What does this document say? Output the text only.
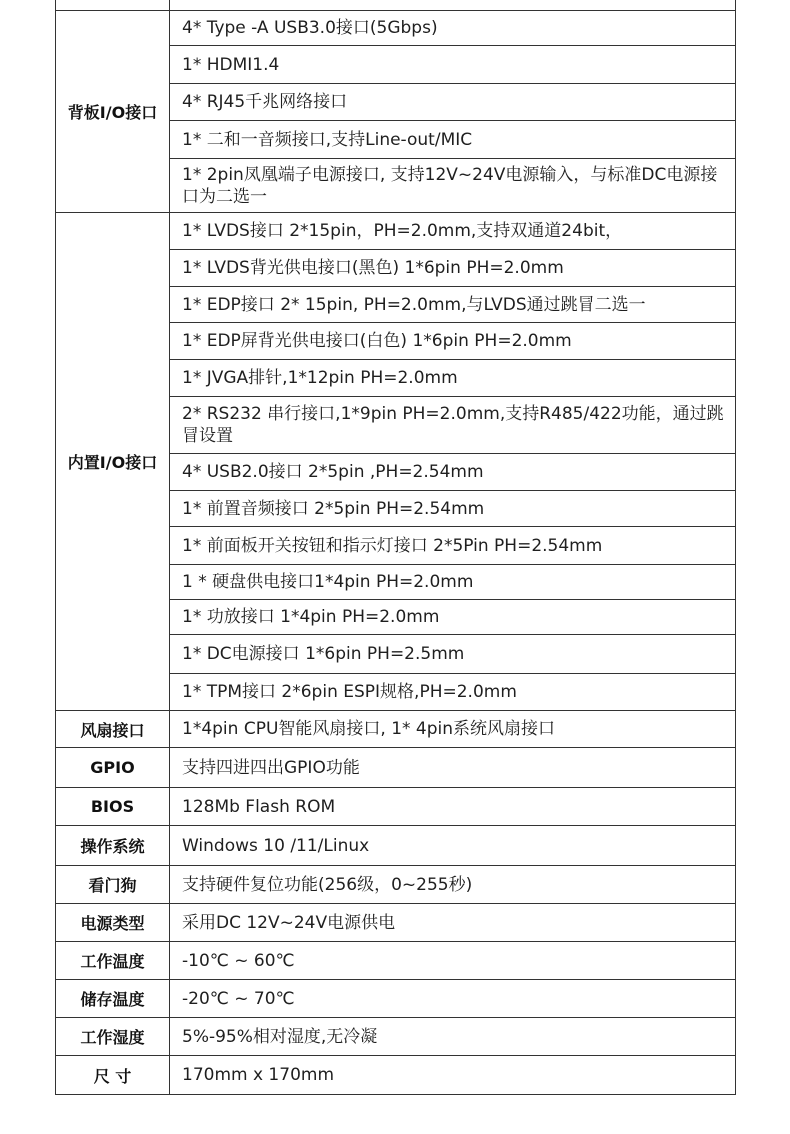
背板I/O接口	4* Type -A USB3.0接口(5Gbps)
	1* HDMI1.4
	4* RJ45千兆网络接口
	1* 二和一音频接口,支持Line-out/MIC
	1* 2pin凤凰端子电源接口, 支持12V~24V电源输入，与标准DC电源接口为二选一
内置I/O接口	1* LVDS接口 2*15pin，PH=2.0mm,支持双通道24bit，
	1* LVDS背光供电接口(黑色) 1*6pin PH=2.0mm
	1* EDP接口 2* 15pin, PH=2.0mm,与LVDS通过跳冒二选一
	1* EDP屏背光供电接口(白色) 1*6pin PH=2.0mm
	1* JVGA排针,1*12pin PH=2.0mm
	2* RS232 串行接口,1*9pin PH=2.0mm,支持R485/422功能，通过跳冒设置
	4* USB2.0接口 2*5pin ,PH=2.54mm
	1* 前置音频接口 2*5pin PH=2.54mm
	1* 前面板开关按钮和指示灯接口 2*5Pin PH=2.54mm
	1 * 硬盘供电接口1*4pin PH=2.0mm
	1* 功放接口 1*4pin PH=2.0mm
	1* DC电源接口 1*6pin PH=2.5mm
	1* TPM接口 2*6pin ESPI规格,PH=2.0mm
风扇接口	1*4pin CPU智能风扇接口, 1* 4pin系统风扇接口
GPIO	支持四进四出GPIO功能
BIOS	128Mb Flash ROM
操作系统	Windows 10 /11/Linux
看门狗	支持硬件复位功能(256级，0~255秒)
电源类型	采用DC 12V~24V电源供电
工作温度	-10℃ ~ 60℃
储存温度	-20℃ ~ 70℃
工作湿度	5%-95%相对湿度,无冷凝
尺 寸	170mm x 170mm
